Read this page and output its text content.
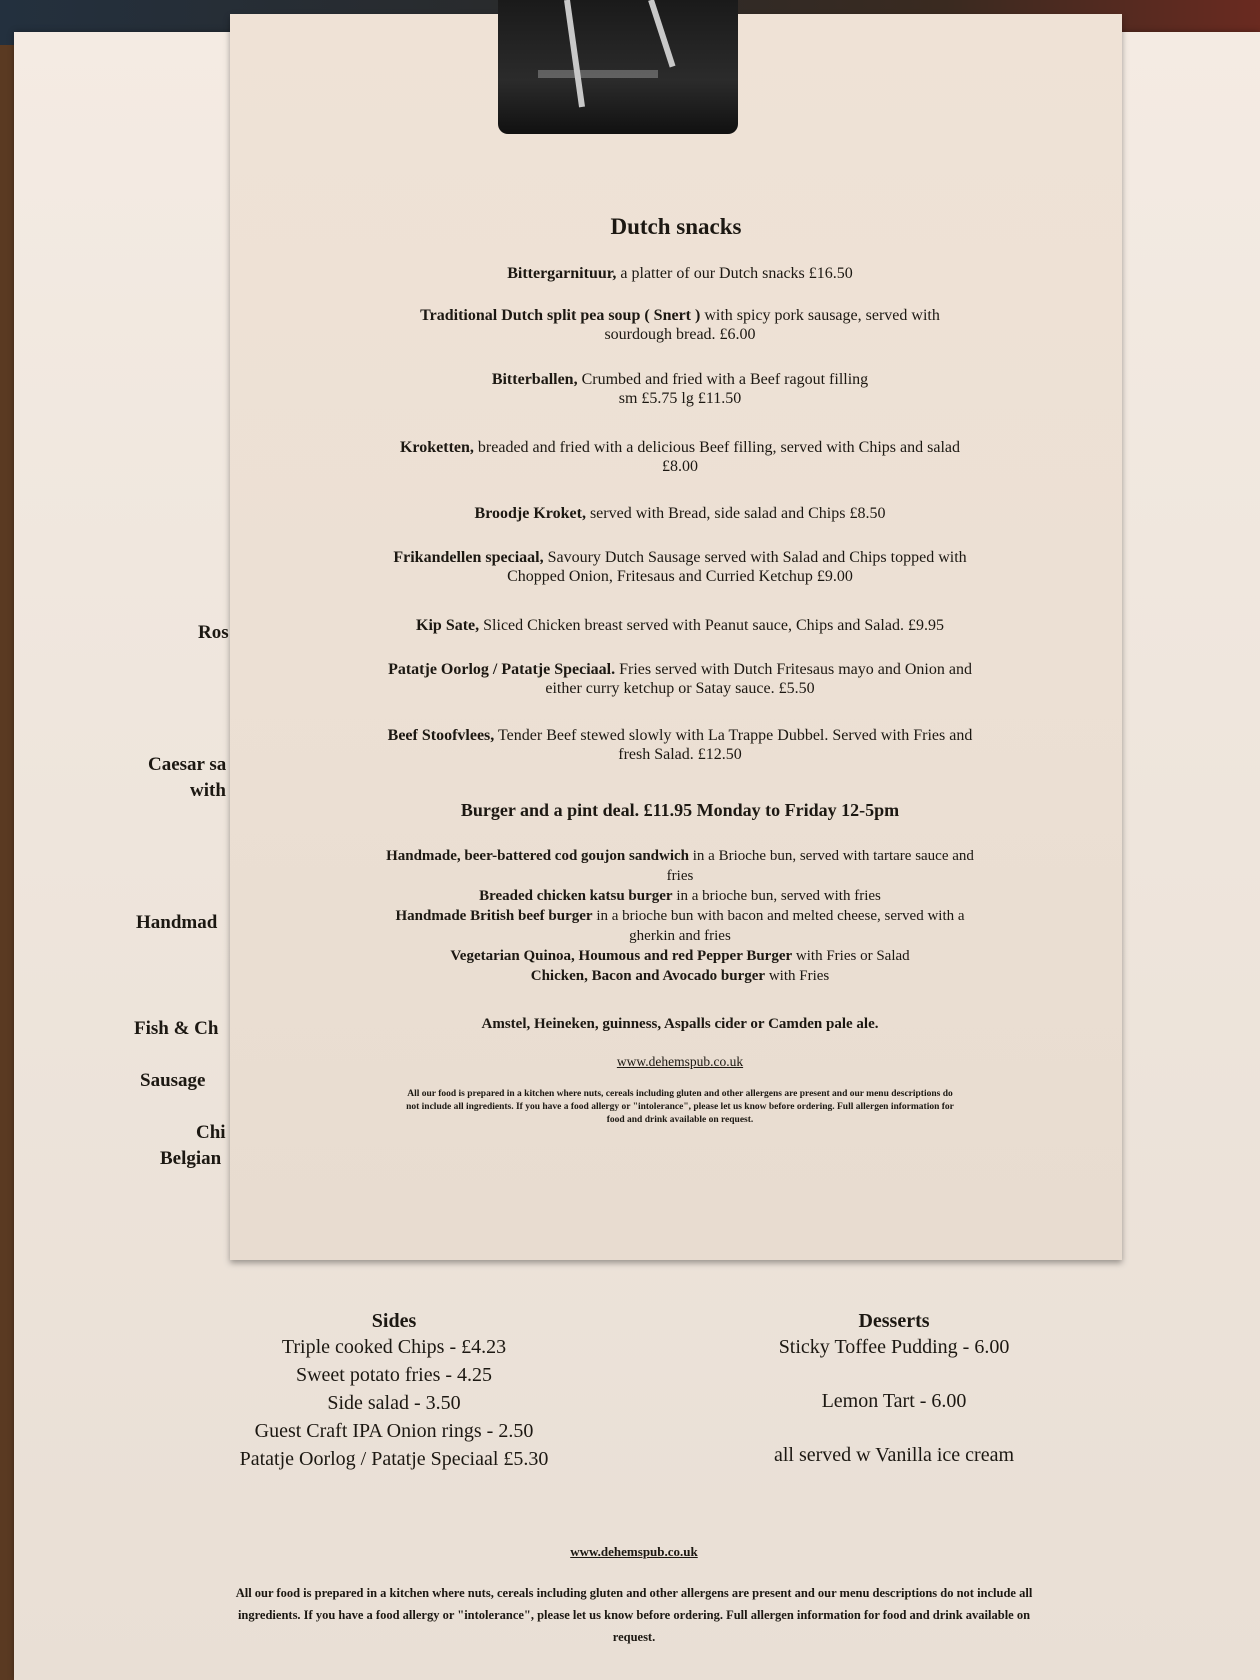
Ros
Caesar sa
with
Handmad
Fish & Ch
Sausage
Chi
Belgian
Sides
Triple cooked Chips - £4.23
Sweet potato fries - 4.25
Side salad - 3.50
Guest Craft IPA Onion rings - 2.50
Patatje Oorlog / Patatje Speciaal £5.30
Desserts
Sticky Toffee Pudding - 6.00
Lemon Tart - 6.00
all served w Vanilla ice cream
www.dehemspub.co.uk
All our food is prepared in a kitchen where nuts, cereals including gluten and other allergens are present and our menu descriptions do not include all
ingredients. If you have a food allergy or "intolerance", please let us know before ordering. Full allergen information for food and drink available on
request.
Dutch snacks
Bittergarnituur, a platter of our Dutch snacks £16.50
Traditional Dutch split pea soup ( Snert ) with spicy pork sausage, served with
sourdough bread. £6.00
Bitterballen, Crumbed and fried with a Beef ragout filling
sm £5.75 lg £11.50
Kroketten, breaded and fried with a delicious Beef filling, served with Chips and salad
£8.00
Broodje Kroket, served with Bread, side salad and Chips £8.50
Frikandellen speciaal, Savoury Dutch Sausage served with Salad and Chips topped with
Chopped Onion, Fritesaus and Curried Ketchup £9.00
Kip Sate, Sliced Chicken breast served with Peanut sauce, Chips and Salad. £9.95
Patatje Oorlog / Patatje Speciaal. Fries served with Dutch Fritesaus mayo and Onion and
either curry ketchup or Satay sauce. £5.50
Beef Stoofvlees, Tender Beef stewed slowly with La Trappe Dubbel. Served with Fries and
fresh Salad. £12.50
Burger and a pint deal. £11.95 Monday to Friday 12-5pm
Handmade, beer-battered cod goujon sandwich in a Brioche bun, served with tartare sauce and
fries
Breaded chicken katsu burger in a brioche bun, served with fries
Handmade British beef burger in a brioche bun with bacon and melted cheese, served with a
gherkin and fries
Vegetarian Quinoa, Houmous and red Pepper Burger with Fries or Salad
Chicken, Bacon and Avocado burger with Fries
Amstel, Heineken, guinness, Aspalls cider or Camden pale ale.
www.dehemspub.co.uk
All our food is prepared in a kitchen where nuts, cereals including gluten and other allergens are present and our menu descriptions do
not include all ingredients. If you have a food allergy or "intolerance", please let us know before ordering. Full allergen information for
food and drink available on request.
